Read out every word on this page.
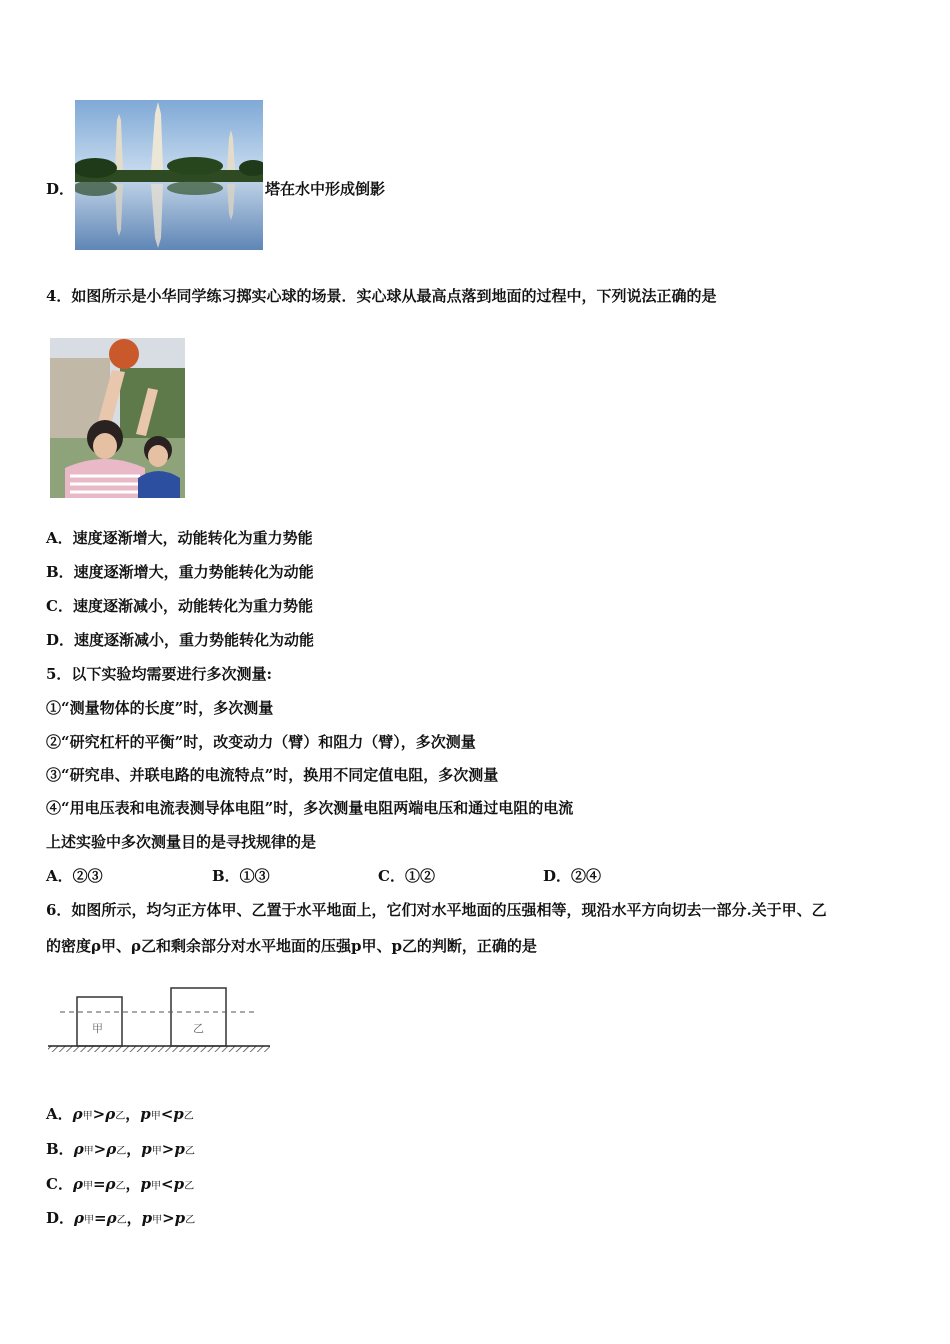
D．	塔在水中形成倒影
4．如图所示是小华同学练习掷实心球的场景．实心球从最高点落到地面的过程中，下列说法正确的是
A．速度逐渐增大，动能转化为重力势能
B．速度逐渐增大，重力势能转化为动能
C．速度逐渐减小，动能转化为重力势能
D．速度逐渐减小，重力势能转化为动能
5．以下实验均需要进行多次测量:
①“测量物体的长度”时，多次测量
②“研究杠杆的平衡”时，改变动力（臂）和阻力（臂），多次测量
③“研究串、并联电路的电流特点”时，换用不同定值电阻，多次测量
④“用电压表和电流表测导体电阻”时，多次测量电阻两端电压和通过电阻的电流
上述实验中多次测量目的是寻找规律的是
A．②③	B．①③	C．①②	D．②④
6．如图所示，均匀正方体甲、乙置于水平地面上，它们对水平地面的压强相等，现沿水平方向切去一部分.关于甲、乙
的密度ρ甲、ρ乙和剩余部分对水平地面的压强p甲、p乙的判断，正确的是
甲	乙
A．ρ甲>ρ乙，p甲<p乙
B．ρ甲>ρ乙，p甲>p乙
C．ρ甲=ρ乙，p甲<p乙
D．ρ甲=ρ乙，p甲>p乙
